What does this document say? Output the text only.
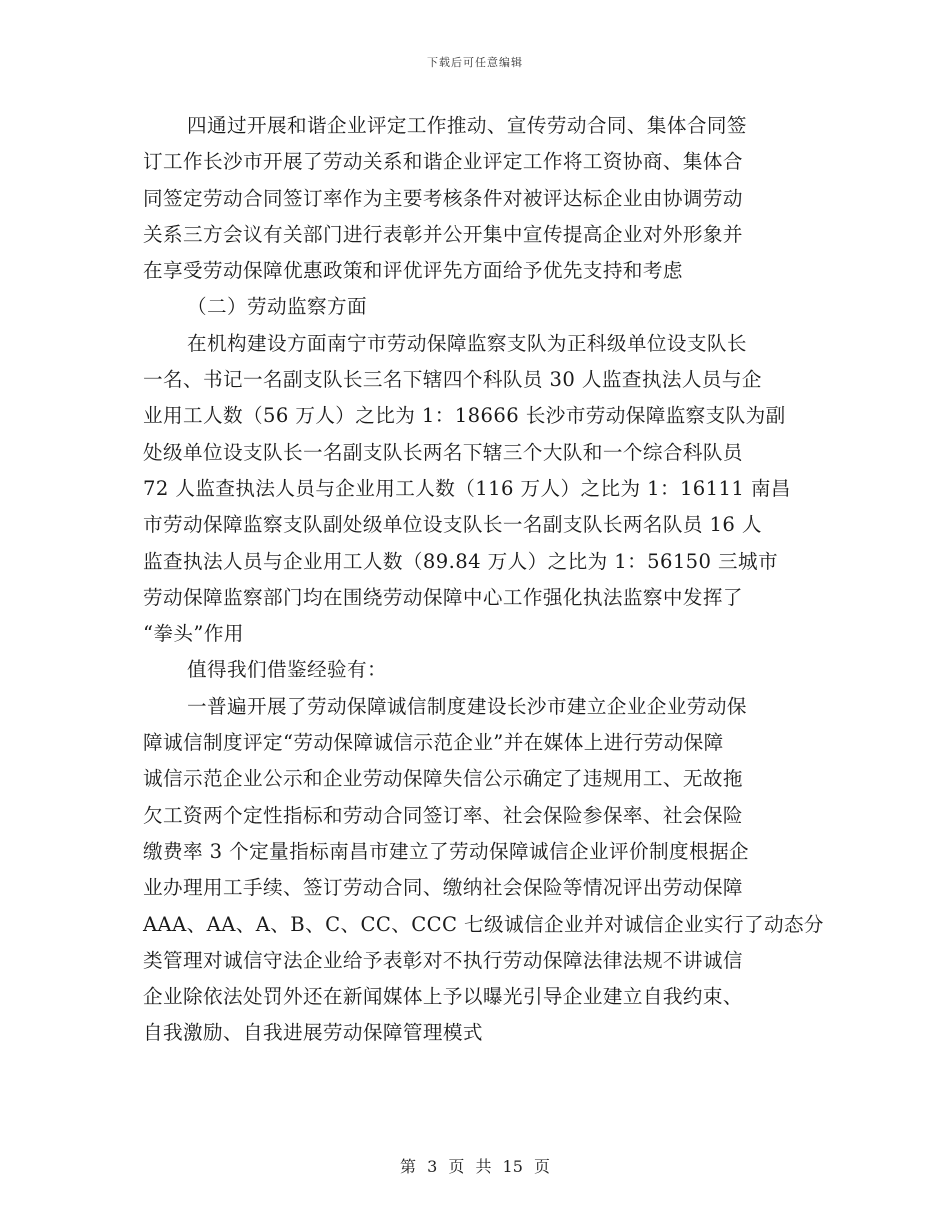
下载后可任意编辑
四通过开展和谐企业评定工作推动、宣传劳动合同、集体合同签
订工作长沙市开展了劳动关系和谐企业评定工作将工资协商、集体合
同签定劳动合同签订率作为主要考核条件对被评达标企业由协调劳动
关系三方会议有关部门进行表彰并公开集中宣传提高企业对外形象并
在享受劳动保障优惠政策和评优评先方面给予优先支持和考虑
（二）劳动监察方面
在机构建设方面南宁市劳动保障监察支队为正科级单位设支队长
一名、书记一名副支队长三名下辖四个科队员 30 人监查执法人员与企
业用工人数（56 万人）之比为 1：18666 长沙市劳动保障监察支队为副
处级单位设支队长一名副支队长两名下辖三个大队和一个综合科队员
72 人监查执法人员与企业用工人数（116 万人）之比为 1：16111 南昌
市劳动保障监察支队副处级单位设支队长一名副支队长两名队员 16 人
监查执法人员与企业用工人数（89.84 万人）之比为 1：56150 三城市
劳动保障监察部门均在围绕劳动保障中心工作强化执法监察中发挥了
“拳头”作用
值得我们借鉴经验有：
一普遍开展了劳动保障诚信制度建设长沙市建立企业企业劳动保
障诚信制度评定“劳动保障诚信示范企业”并在媒体上进行劳动保障
诚信示范企业公示和企业劳动保障失信公示确定了违规用工、无故拖
欠工资两个定性指标和劳动合同签订率、社会保险参保率、社会保险
缴费率 3 个定量指标南昌市建立了劳动保障诚信企业评价制度根据企
业办理用工手续、签订劳动合同、缴纳社会保险等情况评出劳动保障
AAA、AA、A、B、C、CC、CCC 七级诚信企业并对诚信企业实行了动态分
类管理对诚信守法企业给予表彰对不执行劳动保障法律法规不讲诚信
企业除依法处罚外还在新闻媒体上予以曝光引导企业建立自我约束、
自我激励、自我进展劳动保障管理模式
第 3 页 共 15 页
